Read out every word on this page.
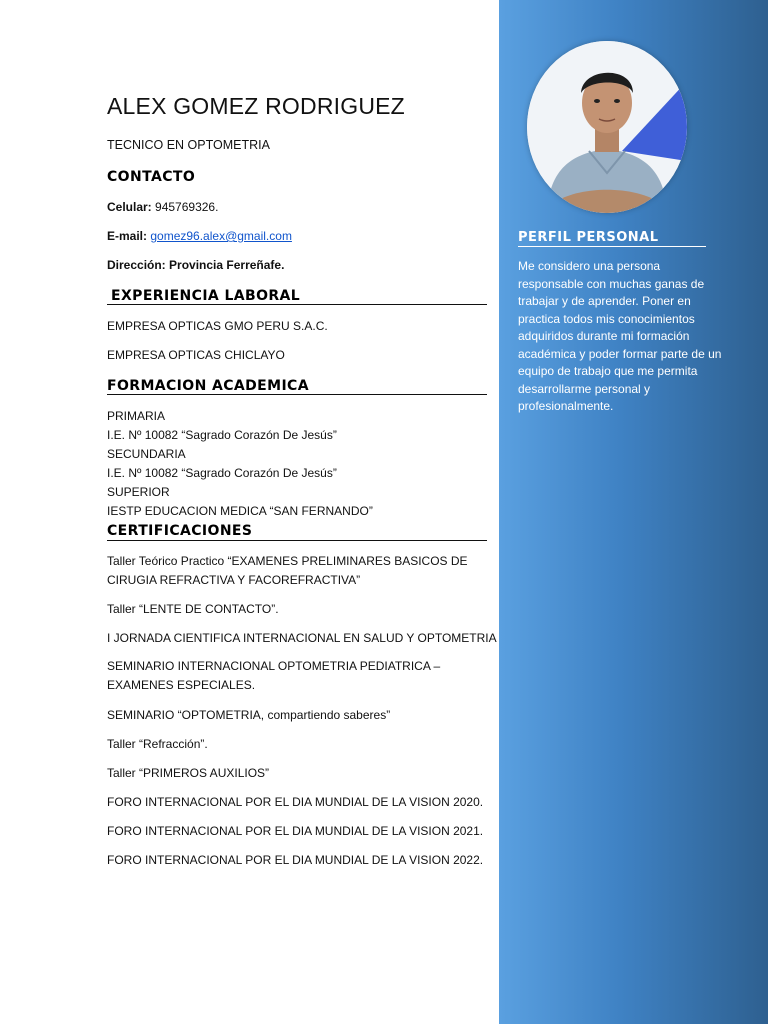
ALEX GOMEZ RODRIGUEZ
TECNICO EN OPTOMETRIA
CONTACTO
Celular: 945769326.
E-mail: gomez96.alex@gmail.com
Dirección: Provincia Ferreñafe.
EXPERIENCIA LABORAL
EMPRESA OPTICAS GMO PERU S.A.C.
EMPRESA OPTICAS CHICLAYO
FORMACION ACADEMICA
PRIMARIA
I.E. Nº 10082 “Sagrado Corazón De Jesús”
SECUNDARIA
I.E. Nº 10082 “Sagrado Corazón De Jesús”
SUPERIOR
IESTP EDUCACION MEDICA “SAN FERNANDO”
CERTIFICACIONES
Taller Teórico Practico “EXAMENES PRELIMINARES BASICOS DE CIRUGIA REFRACTIVA Y FACOREFRACTIVA”
Taller “LENTE DE CONTACTO”.
I JORNADA CIENTIFICA INTERNACIONAL EN SALUD Y OPTOMETRIA
SEMINARIO INTERNACIONAL OPTOMETRIA PEDIATRICA – EXAMENES ESPECIALES.
SEMINARIO “OPTOMETRIA, compartiendo saberes”
Taller “Refracción”.
Taller “PRIMEROS AUXILIOS”
FORO INTERNACIONAL POR EL DIA MUNDIAL DE LA VISION 2020.
FORO INTERNACIONAL POR EL DIA MUNDIAL DE LA VISION 2021.
FORO INTERNACIONAL POR EL DIA MUNDIAL DE LA VISION 2022.
PERFIL PERSONAL
Me considero una persona responsable con muchas ganas de trabajar y de aprender. Poner en practica todos mis conocimientos adquiridos durante mi formación académica y poder formar parte de un equipo de trabajo que me permita desarrollarme personal y profesionalmente.
